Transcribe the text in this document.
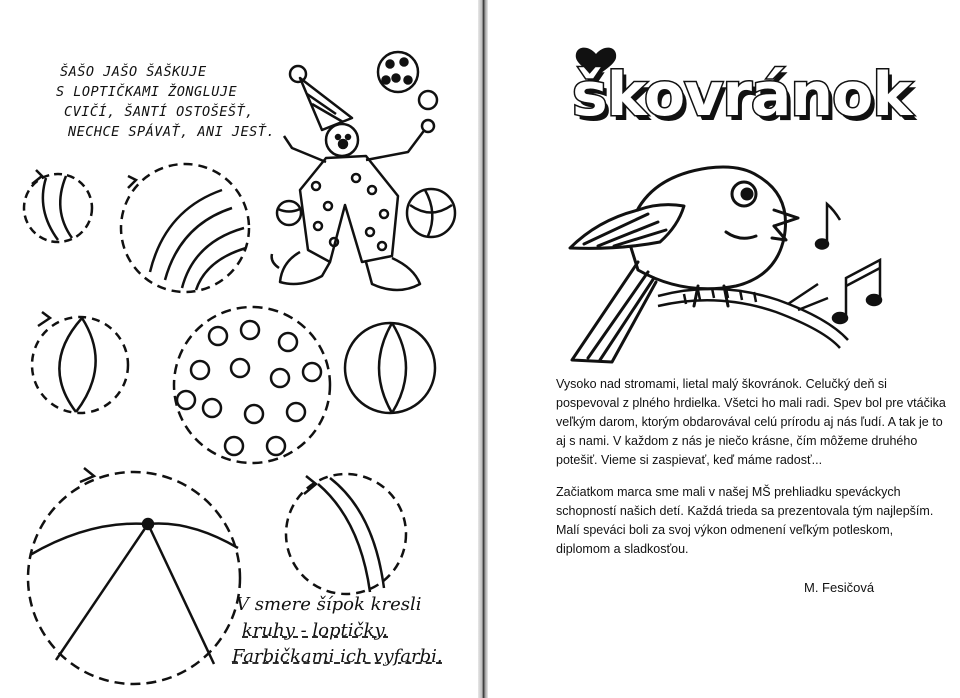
ŠAŠO JAŠO ŠAŠKUJE
S LOPTIČKAMI ŽONGLUJE
CVIČÍ, ŠANTÍ OSTOŠEŠŤ,
NECHCE SPÁVAŤ, ANI JESŤ.
V smere šípok kresli
kruhy - loptičky.
Farbičkami ich vyfarbi.
škovránok

Vysoko nad stromami, lietal malý škovránok. Celučký deň si pospevoval z plného hrdielka. Všetci ho mali radi. Spev bol pre vtáčika veľkým darom, ktorým obdarovával celú prírodu aj nás ľudí. A tak je to aj s nami. V každom z nás je niečo krásne, čím môžeme druhého potešiť. Vieme si zaspievať, keď máme radosť...

Začiatkom marca sme mali v našej MŠ prehliadku speváckych schopností našich detí. Každá trieda sa prezentovala tým najlepším. Malí speváci boli za svoj výkon odmenení veľkým potleskom, diplomom a sladkosťou.

M. Fesičová
